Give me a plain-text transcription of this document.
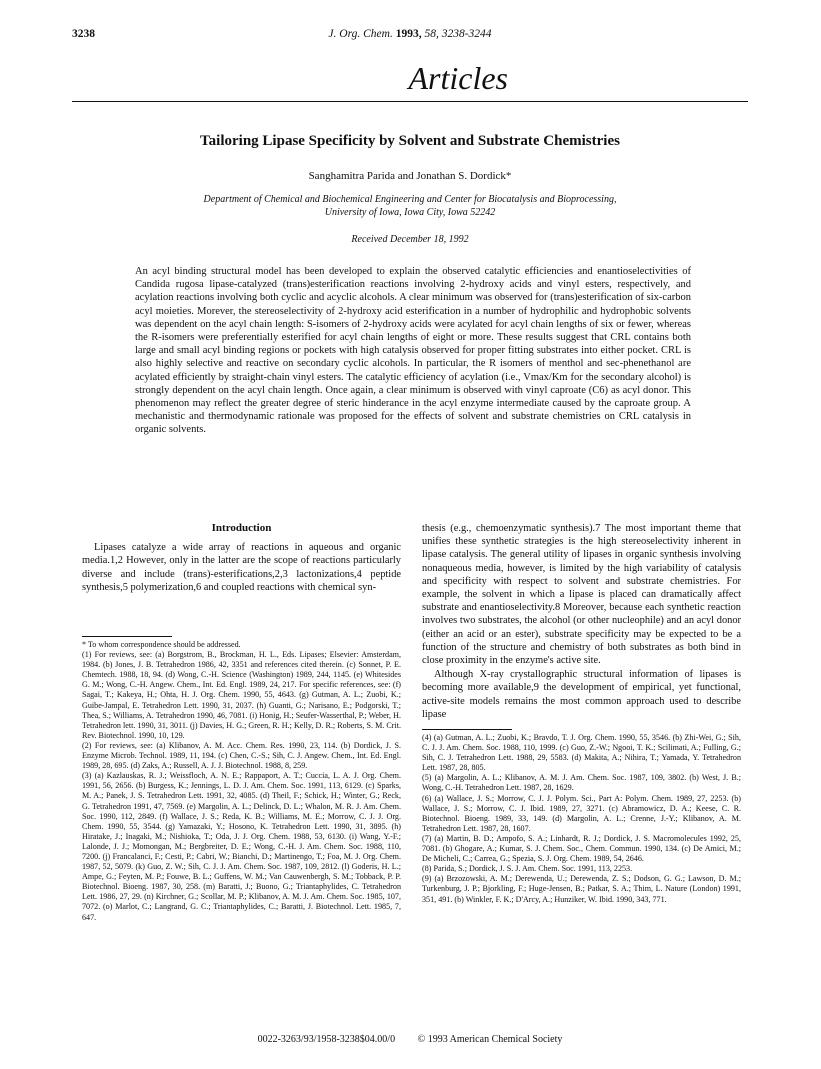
3238	J. Org. Chem. 1993, 58, 3238-3244
Articles
Tailoring Lipase Specificity by Solvent and Substrate Chemistries
Sanghamitra Parida and Jonathan S. Dordick*
Department of Chemical and Biochemical Engineering and Center for Biocatalysis and Bioprocessing,
University of Iowa, Iowa City, Iowa 52242
Received December 18, 1992
An acyl binding structural model has been developed to explain the observed catalytic efficiencies and enantioselectivities of Candida rugosa lipase-catalyzed (trans)esterification reactions involving 2-hydroxy acids and vinyl esters, respectively, and acylation reactions involving both cyclic and acyclic alcohols. A clear minimum was observed for (trans)esterification of six-carbon acyl moieties. Morever, the stereoselectivity of 2-hydroxy acid esterification in a number of hydrophilic and hydrophobic solvents was dependent on the acyl chain length: S-isomers of 2-hydroxy acids were acylated for acyl chain lengths of six or fewer, whereas the R-isomers were preferentially esterified for acyl chain lengths of eight or more. These results suggest that CRL contains both large and small acyl binding regions or pockets with high catalysis observed for proper fitting substrates into either pocket. CRL is also highly selective and reactive on secondary cyclic alcohols. In particular, the R isomers of menthol and sec-phenethanol are acylated efficiently by straight-chain vinyl esters. The catalytic efficiency of acylation (i.e., Vmax/Km for the secondary alcohol) is strongly dependent on the acyl chain length. Once again, a clear minimum is observed with vinyl caproate (C6) as acyl donor. This phenomenon may reflect the greater degree of steric hinderance in the acyl enzyme intermediate caused by the caproate group. A mechanistic and thermodynamic rationale was proposed for the effects of solvent and substrate chemistries on CRL catalysis in organic solvents.
Introduction

Lipases catalyze a wide array of reactions in aqueous and organic media.1,2 However, only in the latter are the scope of reactions particularly diverse and include (trans)-esterifications,2,3 lactonizations,4 peptide synthesis,5 polymerization,6 and coupled reactions with chemical syn-

thesis (e.g., chemoenzymatic synthesis).7 The most important theme that unifies these synthetic strategies is the high stereoselectivity inherent in lipase catalysis. The general utility of lipases in organic synthesis involving nonaqueous media, however, is limited by the high variability of catalysis and specificity with respect to solvent and substrate chemistries. For example, the solvent in which a lipase is placed can dramatically affect substrate and enantioselectivity.8 Moreover, because each synthetic reaction involves two substrates, the alcohol (or other nucleophile) and an acyl donor (either an acid or an ester), substrate specificity may be expected to be a function of the structure and chemistry of both substrates as both bind in close proximity in the enzyme's active site.

Although X-ray crystallographic structural information of lipases is becoming more available,9 the development of empirical, yet functional, active-site models remains the most common approach used to describe lipase

* To whom correspondence should be addressed.

(1) For reviews, see: (a) Borgstrom, B., Brockman, H. L., Eds. Lipases; Elsevier: Amsterdam, 1984. (b) Jones, J. B. Tetrahedron 1986, 42, 3351 and references cited therein. (c) Sonnet, P. E. Chemtech. 1988, 18, 94. (d) Wong, C.-H. Science (Washington) 1989, 244, 1145. (e) Whitesides G. M.; Wong, C.-H. Angew. Chem., Int. Ed. Engl. 1989, 24, 217. For specific references, see: (f) Sagai, T.; Kakeya, H.; Ohta, H. J. Org. Chem. 1990, 55, 4643. (g) Gutman, A. L.; Zuobi, K.; Guibe-Jampal, E. Tetrahedron Lett. 1990, 31, 2037. (h) Guanti, G.; Narisano, E.; Podgorski, T.; Thea, S.; Williams, A. Tetrahedron 1990, 46, 7081. (i) Honig, H.; Seufer-Wasserthal, P.; Weber, H. Tetrahedron lett. 1990, 31, 3011. (j) Davies, H. G.; Green, R. H.; Kelly, D. R.; Roberts, S. M. Crit. Rev. Biotechnol. 1990, 10, 129.

(2) For reviews, see: (a) Klibanov, A. M. Acc. Chem. Res. 1990, 23, 114. (b) Dordick, J. S. Enzyme Microb. Technol. 1989, 11, 194. (c) Chen, C.-S.; Sih, C. J. Angew. Chem., Int. Ed. Engl. 1989, 28, 695. (d) Zaks, A.; Russell, A. J. J. Biotechnol. 1988, 8, 259.

(3) (a) Kazlauskas, R. J.; Weissfloch, A. N. E.; Rappaport, A. T.; Cuccia, L. A. J. Org. Chem. 1991, 56, 2656. (b) Burgess, K.; Jennings, L. D. J. Am. Chem. Soc. 1991, 113, 6129. (c) Sparks, M. A.; Panek, J. S. Tetrahedron Lett. 1991, 32, 4085. (d) Theil, F.; Schick, H.; Winter, G.; Reck, G. Tetrahedron 1991, 47, 7569. (e) Margolin, A. L.; Delinck, D. L.; Whalon, M. R. J. Am. Chem. Soc. 1990, 112, 2849. (f) Wallace, J. S.; Reda, K. B.; Williams, M. E.; Morrow, C. J. J. Org. Chem. 1990, 55, 3544. (g) Yamazaki, Y.; Hosono, K. Tetrahedron Lett. 1990, 31, 3895. (h) Hiratake, J.; Inagaki, M.; Nishioka, T.; Oda, J. J. Org. Chem. 1988, 53, 6130. (i) Wang, Y.-F.; Lalonde, J. J.; Momongan, M.; Bergbreiter, D. E.; Wong, C.-H. J. Am. Chem. Soc. 1988, 110, 7200. (j) Francalanci, F.; Cesti, P.; Cabri, W.; Bianchi, D.; Martinengo, T.; Foa, M. J. Org. Chem. 1987, 52, 5079. (k) Guo, Z. W.; Sih, C. J. J. Am. Chem. Soc. 1987, 109, 2812. (l) Goderis, H. L.; Ampe, G.; Feyten, M. P.; Fouwe, B. L.; Guffens, W. M.; Van Cauwenbergh, S. M.; Tobback, P. P. Biotechnol. Bioeng. 1987, 30, 258. (m) Baratti, J.; Buono, G.; Triantaphylides, C. Tetrahedron Lett. 1986, 27, 29. (n) Kirchner, G.; Scollar, M. P.; Klibanov, A. M. J. Am. Chem. Soc. 1985, 107, 7072. (o) Marlot, C.; Langrand, G. C.; Triantaphylides, C.; Baratti, J. Biotechnol. Lett. 1985, 7, 647.

(4) (a) Gutman, A. L.; Zuobi, K.; Bravdo, T. J. Org. Chem. 1990, 55, 3546. (b) Zhi-Wei, G.; Sih, C. J. J. Am. Chem. Soc. 1988, 110, 1999. (c) Guo, Z.-W.; Ngooi, T. K.; Scilimati, A.; Fulling, G.; Sih, C. J. Tetrahedron Lett. 1988, 29, 5583. (d) Makita, A.; Nihira, T.; Yamada, Y. Tetrahedron Lett. 1987, 28, 805.

(5) (a) Margolin, A. L.; Klibanov, A. M. J. Am. Chem. Soc. 1987, 109, 3802. (b) West, J. B.; Wong, C.-H. Tetrahedron Lett. 1987, 28, 1629.

(6) (a) Wallace, J. S.; Morrow, C. J. J. Polym. Sci., Part A: Polym. Chem. 1989, 27, 2253. (b) Wallace, J. S.; Morrow, C. J. Ibid. 1989, 27, 3271. (c) Abramowicz, D. A.; Keese, C. R. Biotechnol. Bioeng. 1989, 33, 149. (d) Margolin, A. L.; Crenne, J.-Y.; Klibanov, A. M. Tetrahedron Lett. 1987, 28, 1607.

(7) (a) Martin, B. D.; Ampofo, S. A.; Linhardt, R. J.; Dordick, J. S. Macromolecules 1992, 25, 7081. (b) Ghogare, A.; Kumar, S. J. Chem. Soc., Chem. Commun. 1990, 134. (c) De Amici, M.; De Micheli, C.; Carrea, G.; Spezia, S. J. Org. Chem. 1989, 54, 2646.

(8) Parida, S.; Dordick, J. S. J. Am. Chem. Soc. 1991, 113, 2253.

(9) (a) Brzozowski, A. M.; Derewenda, U.; Derewenda, Z. S.; Dodson, G. G.; Lawson, D. M.; Turkenburg, J. P.; Bjorkling, F.; Huge-Jensen, B.; Patkar, S. A.; Thim, L. Nature (London) 1991, 351, 491. (b) Winkler, F. K.; D'Arcy, A.; Hunziker, W. Ibid. 1990, 343, 771.

0022-3263/93/1958-3238$04.00/0 © 1993 American Chemical Society
